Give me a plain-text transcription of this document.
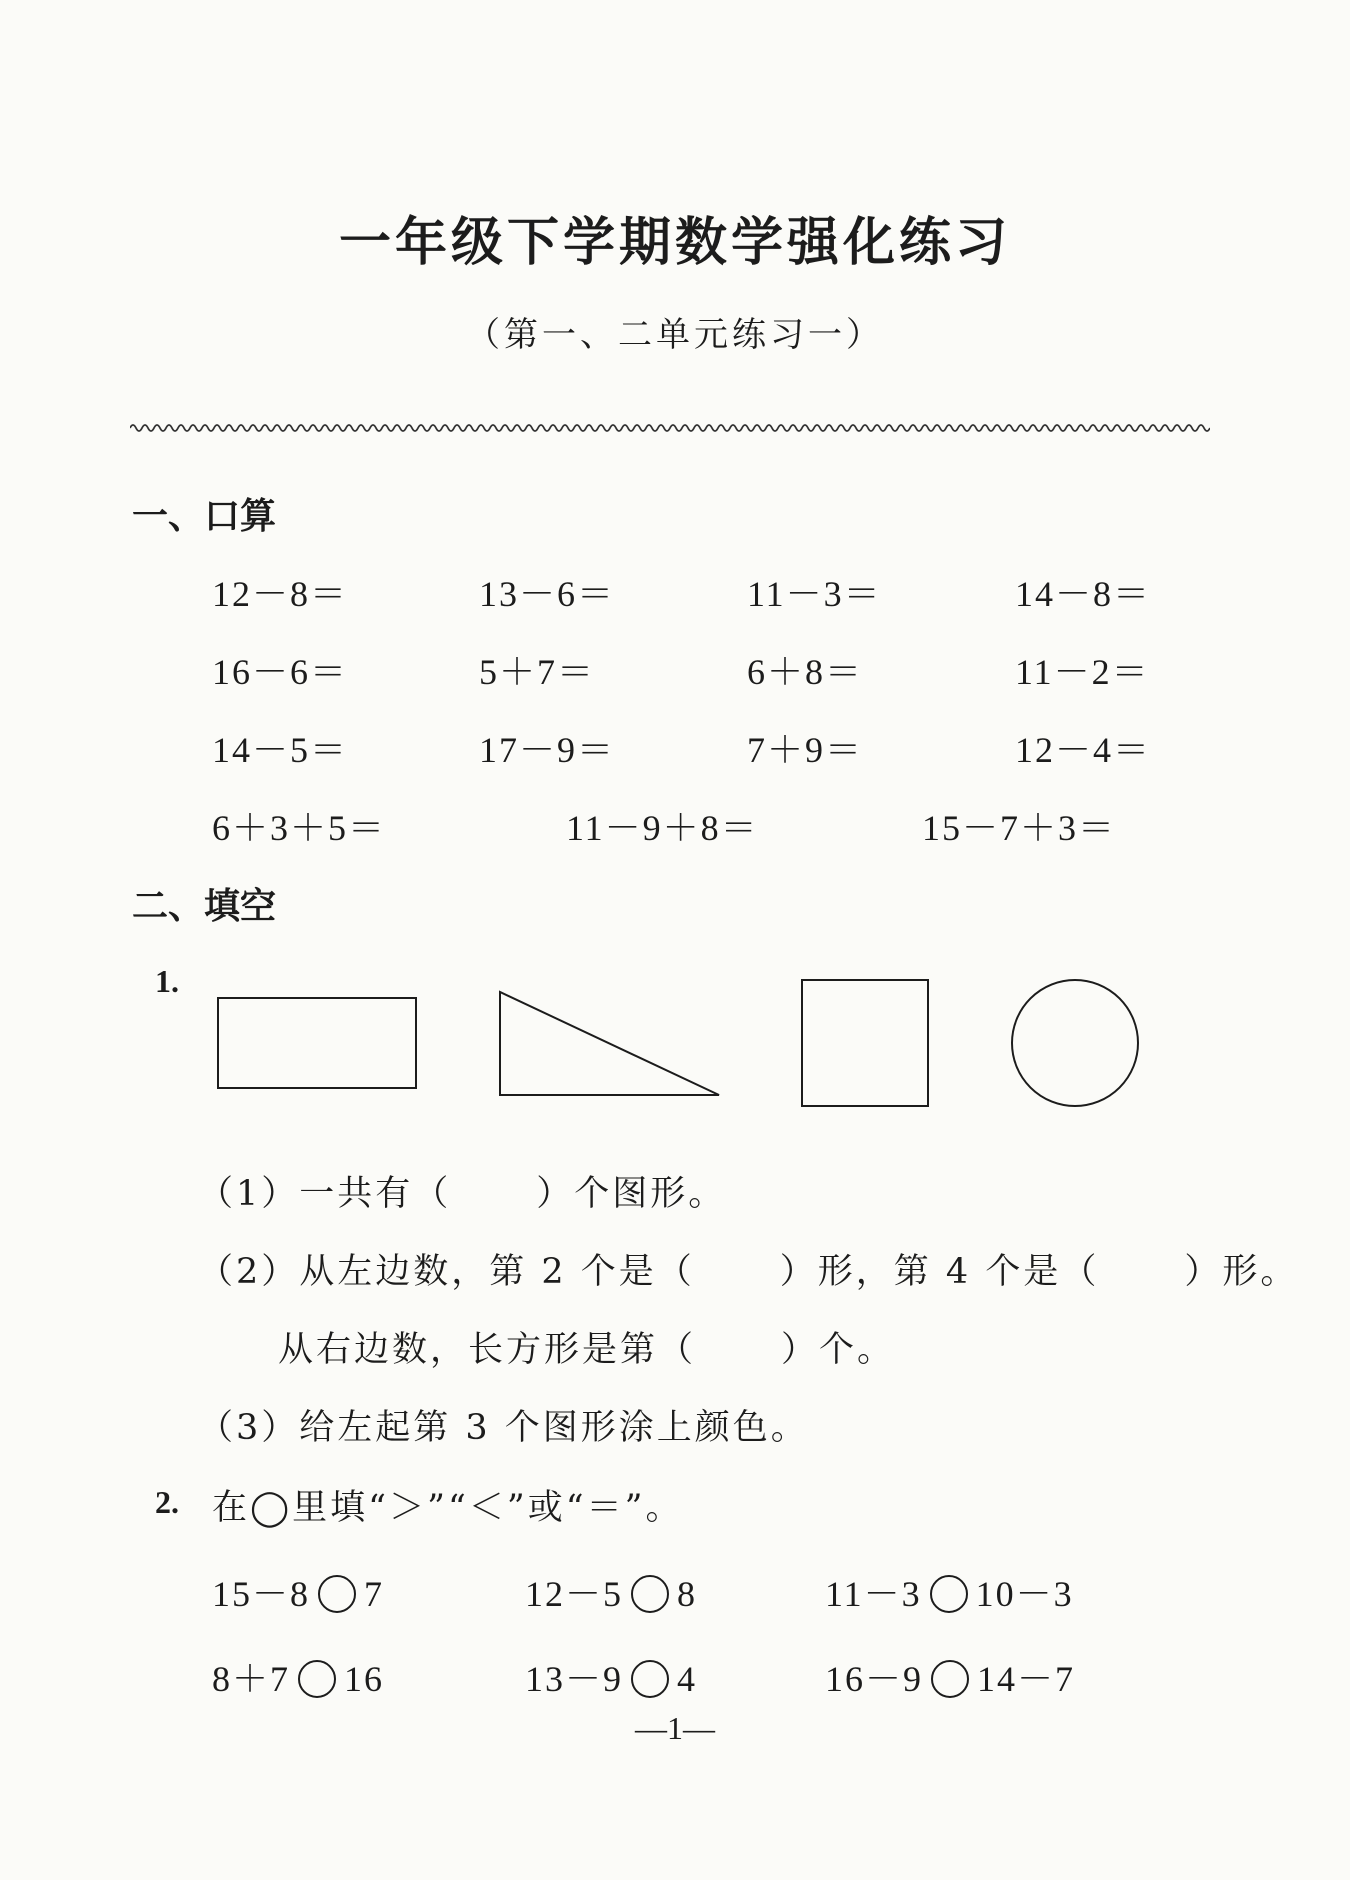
一年级下学期数学强化练习
（第一、二单元练习一）
一、口算
12－8＝	13－6＝	11－3＝	14－8＝
16－6＝	5＋7＝	6＋8＝	11－2＝
14－5＝	17－9＝	7＋9＝	12－4＝
6＋3＋5＝	11－9＋8＝	15－7＋3＝
二、填空
1.
（1）一共有（ ）个图形。
（2）从左边数，第 2 个是（ ）形，第 4 个是（ ）形。
从右边数，长方形是第（ ）个。
（3）给左起第 3 个图形涂上颜色。
2. 在◯里填“＞”“＜”或“＝”。
15－8 7	12－5 8	11－3 10－3
8＋7 16	13－9 4	16－9 14－7
—1—
